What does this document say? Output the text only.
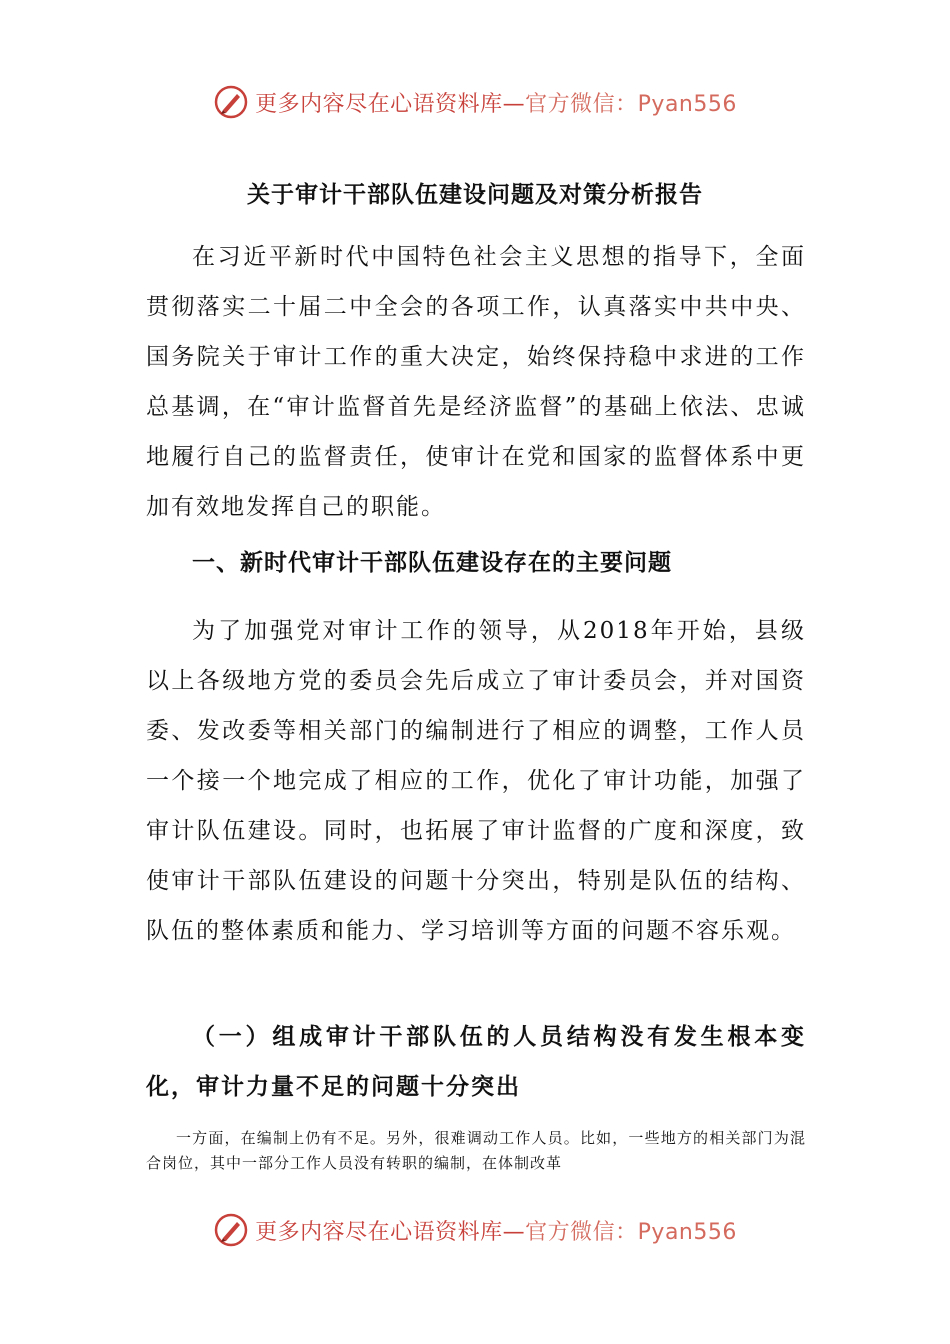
更多内容尽在心语资料库—官方微信：Pyan556
关于审计干部队伍建设问题及对策分析报告

在习近平新时代中国特色社会主义思想的指导下，全面贯彻落实二十届二中全会的各项工作，认真落实中共中央、国务院关于审计工作的重大决定，始终保持稳中求进的工作总基调，在“审计监督首先是经济监督”的基础上依法、忠诚地履行自己的监督责任，使审计在党和国家的监督体系中更加有效地发挥自己的职能。

一、新时代审计干部队伍建设存在的主要问题

为了加强党对审计工作的领导，从2018年开始，县级以上各级地方党的委员会先后成立了审计委员会，并对国资委、发改委等相关部门的编制进行了相应的调整，工作人员一个接一个地完成了相应的工作，优化了审计功能，加强了审计队伍建设。同时，也拓展了审计监督的广度和深度，致使审计干部队伍建设的问题十分突出，特别是队伍的结构、队伍的整体素质和能力、学习培训等方面的问题不容乐观。

（一）组成审计干部队伍的人员结构没有发生根本变化，审计力量不足的问题十分突出

一方面，在编制上仍有不足。另外，很难调动工作人员。比如，一些地方的相关部门为混合岗位，其中一部分工作人员没有转职的编制，在体制改革

更多内容尽在心语资料库—官方微信：Pyan556
